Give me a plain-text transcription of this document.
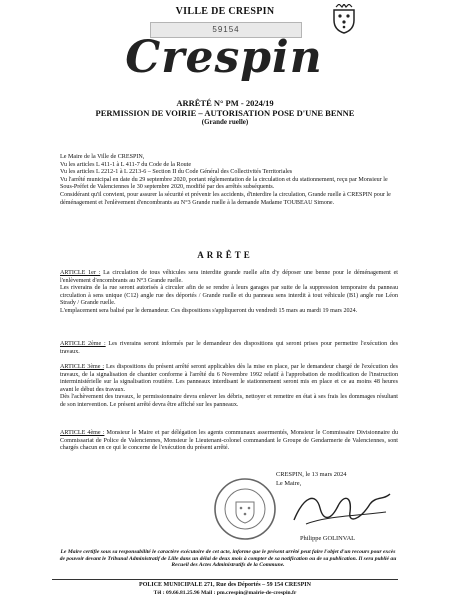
VILLE DE CRESPIN
59154
Crespin
ARRÊTÉ N° PM - 2024/19
PERMISSION DE VOIRIE – AUTORISATION POSE D'UNE BENNE
(Grande ruelle)

Le Maire de la Ville de CRESPIN,

Vu les articles L 411-1 à L 411-7 du Code de la Route

Vu les articles L 2212-1 à L 2213-6 – Section II du Code Général des Collectivités Territoriales

Vu l'arrêté municipal en date du 29 septembre 2020, portant réglementation de la circulation et du stationnement, reçu par Monsieur le Sous-Préfet de Valenciennes le 30 septembre 2020, modifié par des arrêtés subséquents.

Considérant qu'il convient, pour assurer la sécurité et prévenir les accidents, d'interdire la circulation, Grande ruelle à CRESPIN pour le déménagement et l'enlèvement d'encombrants au N°3 Grande ruelle à la demande Madame TOUBEAU Simone.

ARRÊTE

ARTICLE 1er : La circulation de tous véhicules sera interdite grande ruelle afin d'y déposer une benne pour le déménagement et l'enlèvement d'encombrants au N°3 Grande ruelle.

Les riverains de la rue seront autorisés à circuler afin de se rendre à leurs garages par suite de la suppression temporaire du panneau circulation à sens unique (C12) angle rue des déportés / Grande ruelle et du panneau sens interdit à tout véhicule (B1) angle rue Léon Strady / Grande ruelle.

L'emplacement sera balisé par le demandeur. Ces dispositions s'appliqueront du vendredi 15 mars au mardi 19 mars 2024.

ARTICLE 2ème : Les riverains seront informés par le demandeur des dispositions qui seront prises pour permettre l'exécution des travaux.

ARTICLE 3ème : Les dispositions du présent arrêté seront applicables dès la mise en place, par le demandeur chargé de l'exécution des travaux, de la signalisation de chantier conforme à l'arrêté du 6 Novembre 1992 relatif à l'approbation de modification de l'instruction interministérielle sur la signalisation routière. Les panneaux interdisant le stationnement seront mis en place et ce au moins 48 heures avant le début des travaux.

Dès l'achèvement des travaux, le permissionnaire devra enlever les débris, nettoyer et remettre en état à ses frais les dommages résultant de son intervention. Le présent arrêté devra être affiché sur les panneaux.

ARTICLE 4ème : Monsieur le Maire et par délégation les agents communaux assermentés, Monsieur le Commissaire Divisionnaire du Commissariat de Police de Valenciennes, Monsieur le Lieutenant-colonel commandant le Groupe de Gendarmerie de Valenciennes, sont chargés chacun en ce qui le concerne de l'exécution du présent arrêté.

CRESPIN, le 13 mars 2024
Le Maire,
Philippe GOLINVAL
Le Maire certifie sous sa responsabilité le caractère exécutoire de cet acte, informe que le présent arrêté peut faire l'objet d'un recours pour excès de pouvoir devant le Tribunal Administratif de Lille dans un délai de deux mois à compter de sa notification ou de sa publication. Il sera publié au Recueil des Actes Administratifs de la Commune.
POLICE MUNICIPALE 271, Rue des Déportés – 59 154 CRESPIN
Tél : 09.66.81.25.96 Mail : pm.crespin@mairie-de-crespin.fr
